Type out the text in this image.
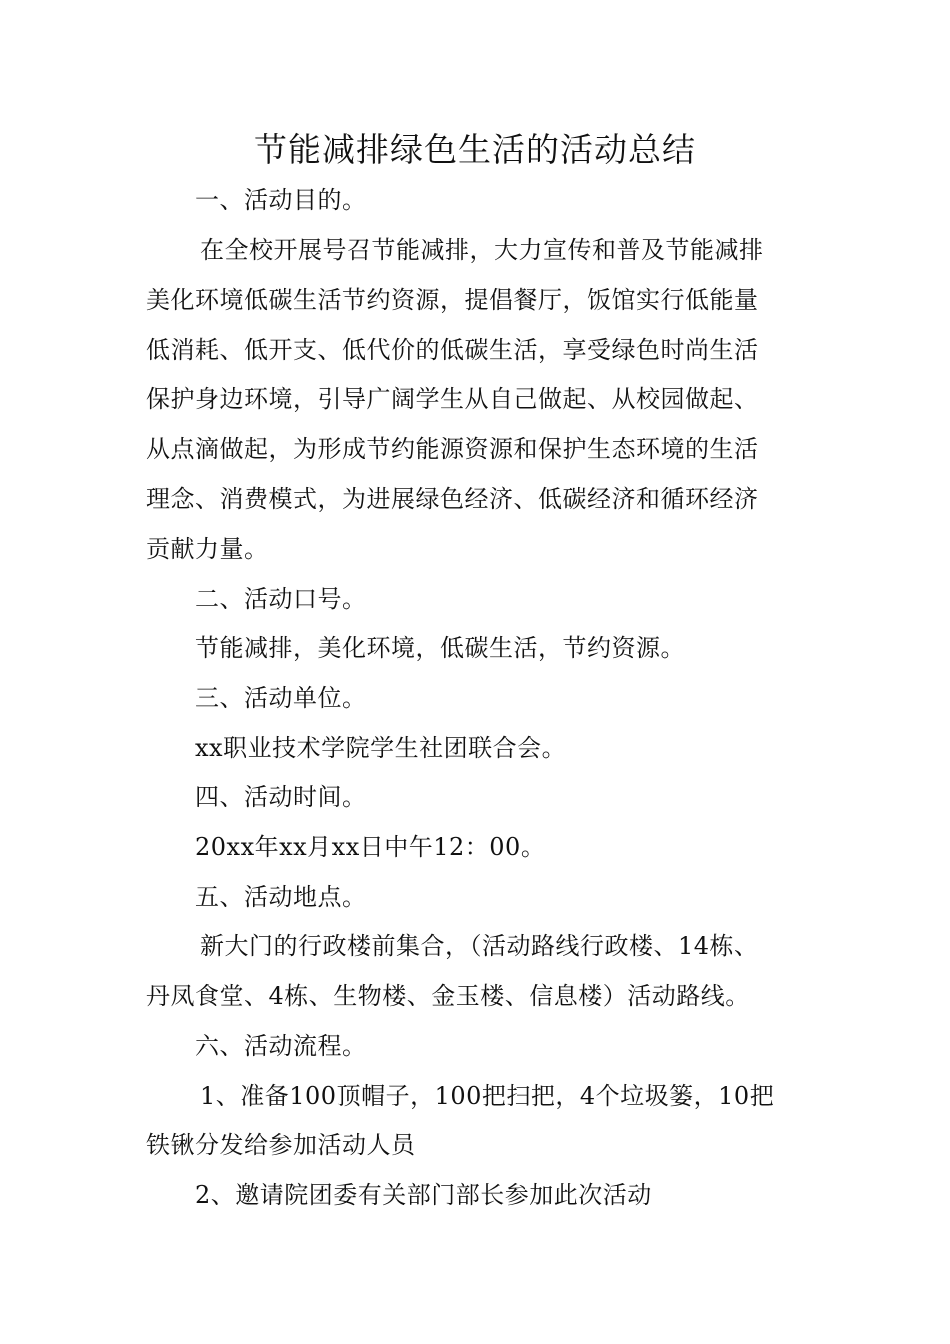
节能减排绿色生活的活动总结
一、活动目的。
在全校开展号召节能减排，大力宣传和普及节能减排
美化环境低碳生活节约资源，提倡餐厅，饭馆实行低能量
低消耗、低开支、低代价的低碳生活，享受绿色时尚生活
保护身边环境，引导广阔学生从自己做起、从校园做起、
从点滴做起，为形成节约能源资源和保护生态环境的生活
理念、消费模式，为进展绿色经济、低碳经济和循环经济
贡献力量。
二、活动口号。
节能减排，美化环境，低碳生活，节约资源。
三、活动单位。
xx职业技术学院学生社团联合会。
四、活动时间。
20xx年xx月xx日中午12：00。
五、活动地点。
新大门的行政楼前集合，（活动路线行政楼、14栋、
丹凤食堂、4栋、生物楼、金玉楼、信息楼）活动路线。
六、活动流程。
1、准备100顶帽子，100把扫把，4个垃圾篓，10把
铁锹分发给参加活动人员
2、邀请院团委有关部门部长参加此次活动
